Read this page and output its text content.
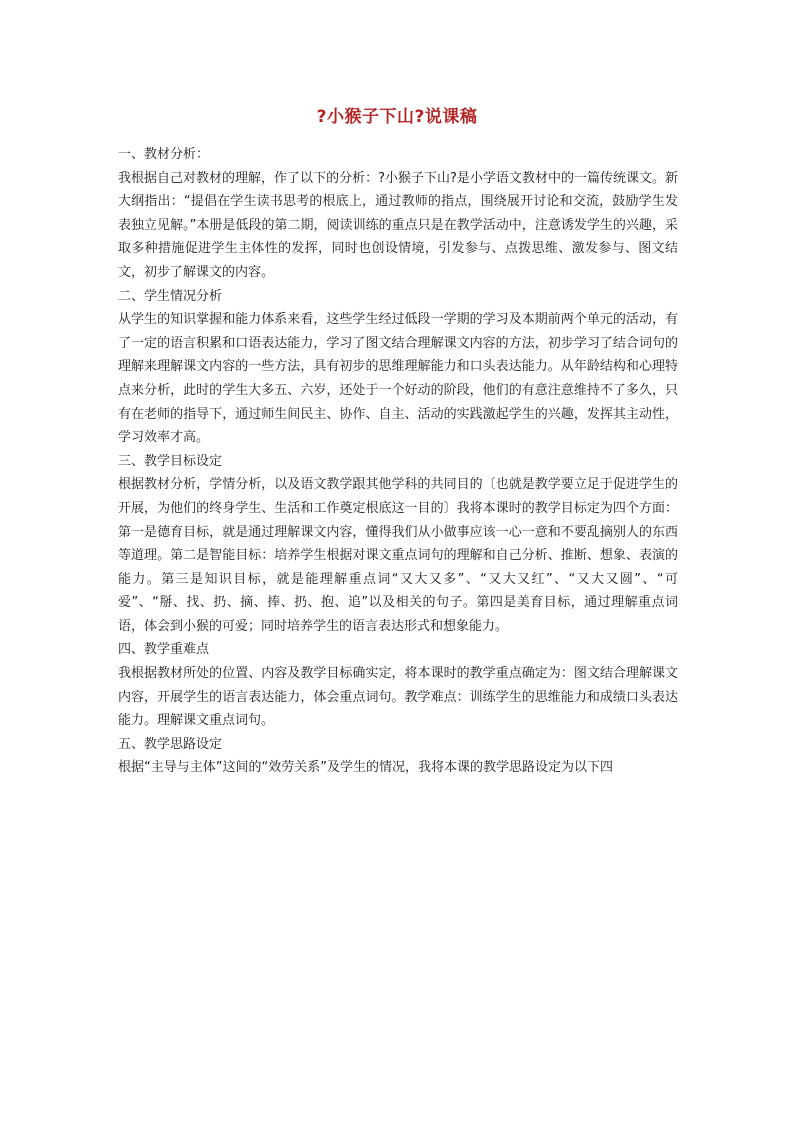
?小猴子下山?说课稿

一、教材分析：

我根据自己对教材的理解，作了以下的分析：?小猴子下山?是小学语文教材中的一篇传统课文。新大纲指出：“提倡在学生读书思考的根底上，通过教师的指点，围绕展开讨论和交流，鼓励学生发表独立见解。”本册是低段的第二期，阅读训练的重点只是在教学活动中，注意诱发学生的兴趣，采取多种措施促进学生主体性的发挥，同时也创设情境，引发参与、点拨思维、激发参与、图文结文，初步了解课文的内容。

二、学生情况分析

从学生的知识掌握和能力体系来看，这些学生经过低段一学期的学习及本期前两个单元的活动，有了一定的语言积累和口语表达能力，学习了图文结合理解课文内容的方法，初步学习了结合词句的理解来理解课文内容的一些方法，具有初步的思维理解能力和口头表达能力。从年龄结构和心理特点来分析，此时的学生大多五、六岁，还处于一个好动的阶段，他们的有意注意维持不了多久，只有在老师的指导下，通过师生间民主、协作、自主、活动的实践激起学生的兴趣，发挥其主动性，学习效率才高。

三、教学目标设定

根据教材分析，学情分析，以及语文教学跟其他学科的共同目的〔也就是教学要立足于促进学生的开展，为他们的终身学生、生活和工作奠定根底这一目的〕我将本课时的教学目标定为四个方面：第一是德育目标，就是通过理解课文内容，懂得我们从小做事应该一心一意和不要乱摘别人的东西等道理。第二是智能目标：培养学生根据对课文重点词句的理解和自己分析、推断、想象、表演的能力。第三是知识目标，就是能理解重点词“又大又多”、“又大又红”、“又大又圆”、“可爱”、“掰、找、扔、摘、捧、扔、抱、追”以及相关的句子。第四是美育目标，通过理解重点词语，体会到小猴的可爱；同时培养学生的语言表达形式和想象能力。

四、教学重难点

我根据教材所处的位置、内容及教学目标确实定，将本课时的教学重点确定为：图文结合理解课文内容，开展学生的语言表达能力，体会重点词句。教学难点：训练学生的思维能力和成绩口头表达能力。理解课文重点词句。

五、教学思路设定

根据“主导与主体”这间的“效劳关系”及学生的情况，我将本课的教学思路设定为以下四
